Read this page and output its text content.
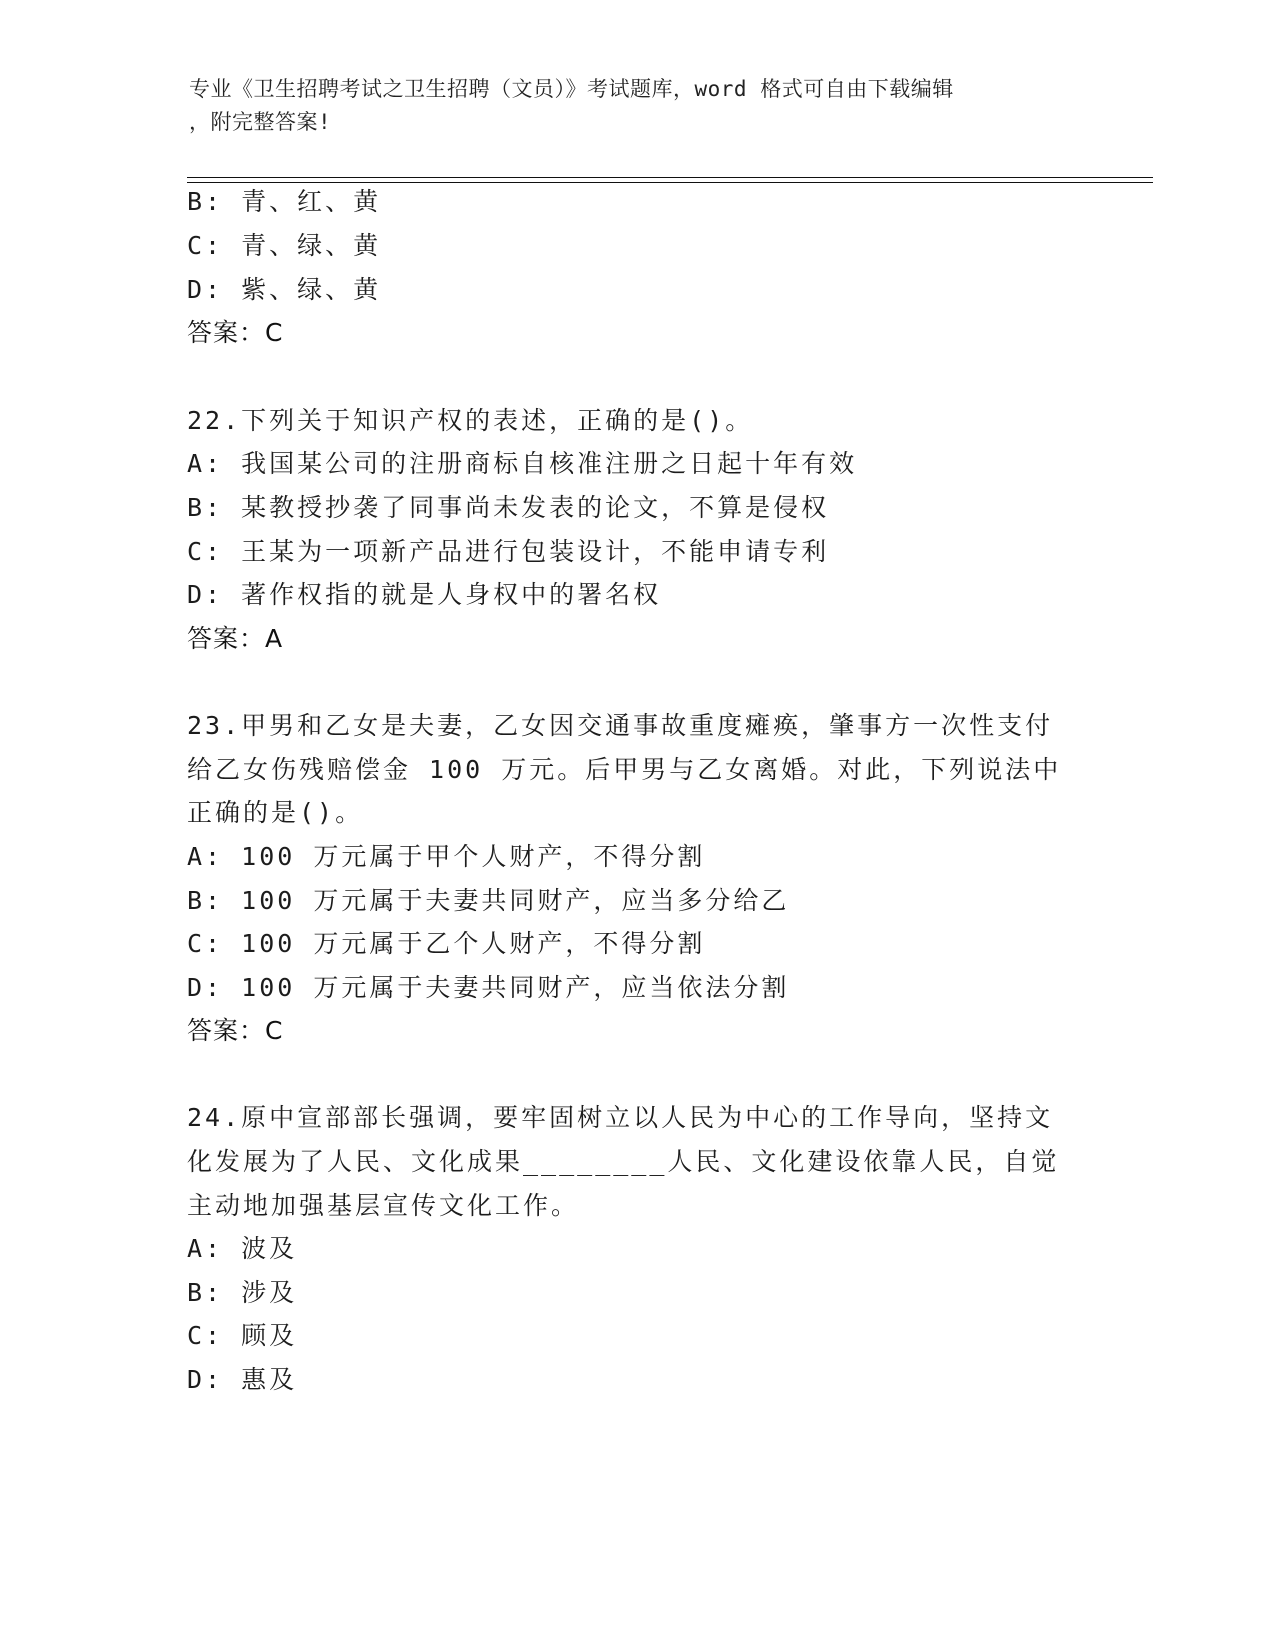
专业《卫生招聘考试之卫生招聘（文员）》考试题库，word 格式可自由下载编辑
，附完整答案!
B: 青、红、黄
C: 青、绿、黄
D: 紫、绿、黄
答案：C
22.下列关于知识产权的表述，正确的是()。
A: 我国某公司的注册商标自核准注册之日起十年有效
B: 某教授抄袭了同事尚未发表的论文，不算是侵权
C: 王某为一项新产品进行包装设计，不能申请专利
D: 著作权指的就是人身权中的署名权
答案：A
23.甲男和乙女是夫妻，乙女因交通事故重度瘫痪，肇事方一次性支付
给乙女伤残赔偿金 100 万元。后甲男与乙女离婚。对此，下列说法中
正确的是()。
A: 100 万元属于甲个人财产，不得分割
B: 100 万元属于夫妻共同财产，应当多分给乙
C: 100 万元属于乙个人财产，不得分割
D: 100 万元属于夫妻共同财产，应当依法分割
答案：C
24.原中宣部部长强调，要牢固树立以人民为中心的工作导向，坚持文
化发展为了人民、文化成果________人民、文化建设依靠人民，自觉
主动地加强基层宣传文化工作。
A: 波及
B: 涉及
C: 顾及
D: 惠及
